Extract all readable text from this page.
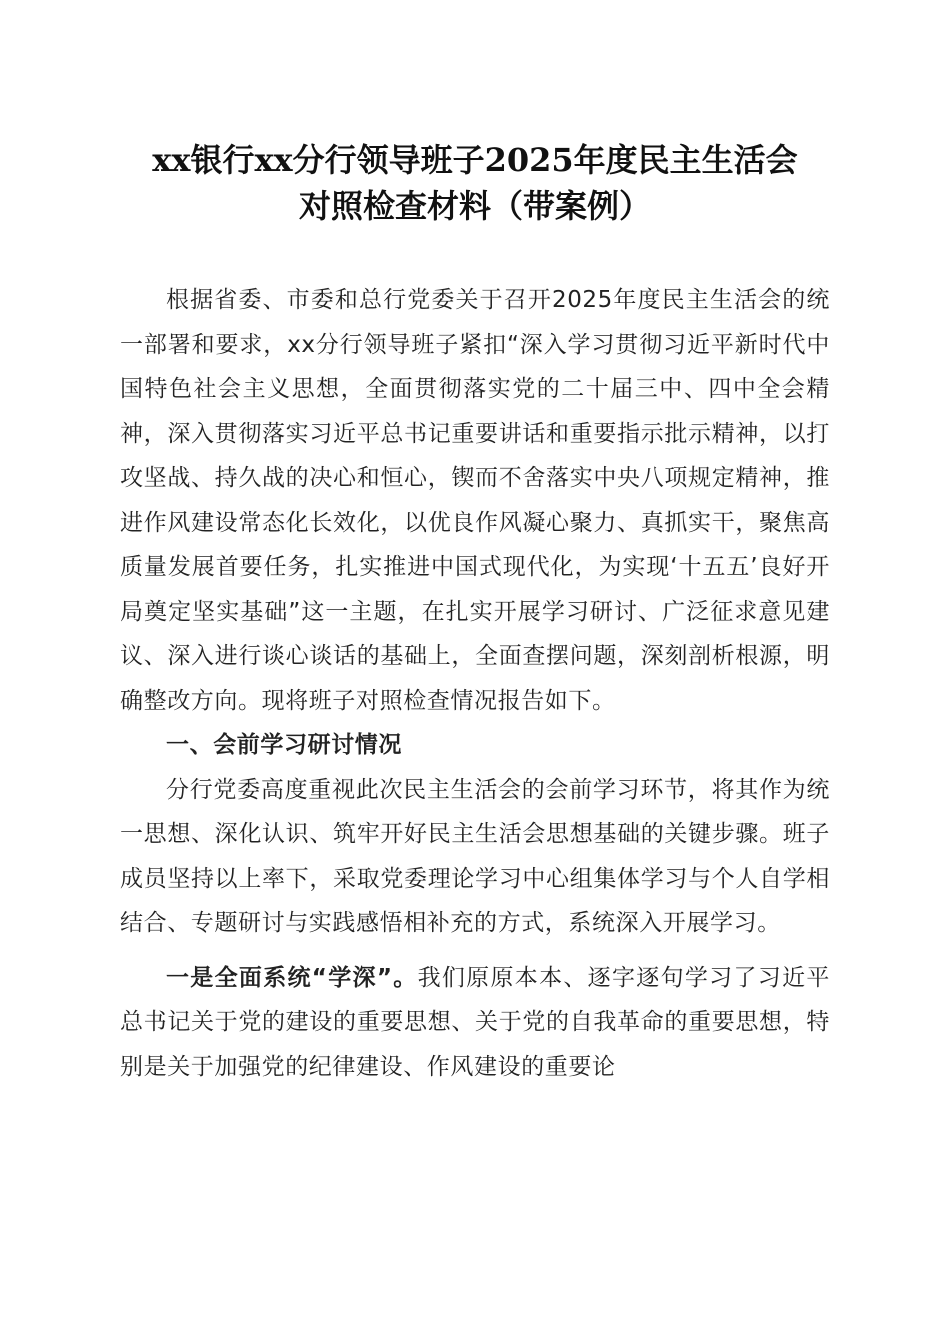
xx银行xx分行领导班子2025年度民主生活会
对照检查材料（带案例）

根据省委、市委和总行党委关于召开2025年度民主生活会的统一部署和要求，xx分行领导班子紧扣“深入学习贯彻习近平新时代中国特色社会主义思想，全面贯彻落实党的二十届三中、四中全会精神，深入贯彻落实习近平总书记重要讲话和重要指示批示精神，以打攻坚战、持久战的决心和恒心，锲而不舍落实中央八项规定精神，推进作风建设常态化长效化，以优良作风凝心聚力、真抓实干，聚焦高质量发展首要任务，扎实推进中国式现代化，为实现‘十五五’良好开局奠定坚实基础”这一主题，在扎实开展学习研讨、广泛征求意见建议、深入进行谈心谈话的基础上，全面查摆问题，深刻剖析根源，明确整改方向。现将班子对照检查情况报告如下。

一、会前学习研讨情况

分行党委高度重视此次民主生活会的会前学习环节，将其作为统一思想、深化认识、筑牢开好民主生活会思想基础的关键步骤。班子成员坚持以上率下，采取党委理论学习中心组集体学习与个人自学相结合、专题研讨与实践感悟相补充的方式，系统深入开展学习。

一是全面系统“学深”。我们原原本本、逐字逐句学习了习近平总书记关于党的建设的重要思想、关于党的自我革命的重要思想，特别是关于加强党的纪律建设、作风建设的重要论
